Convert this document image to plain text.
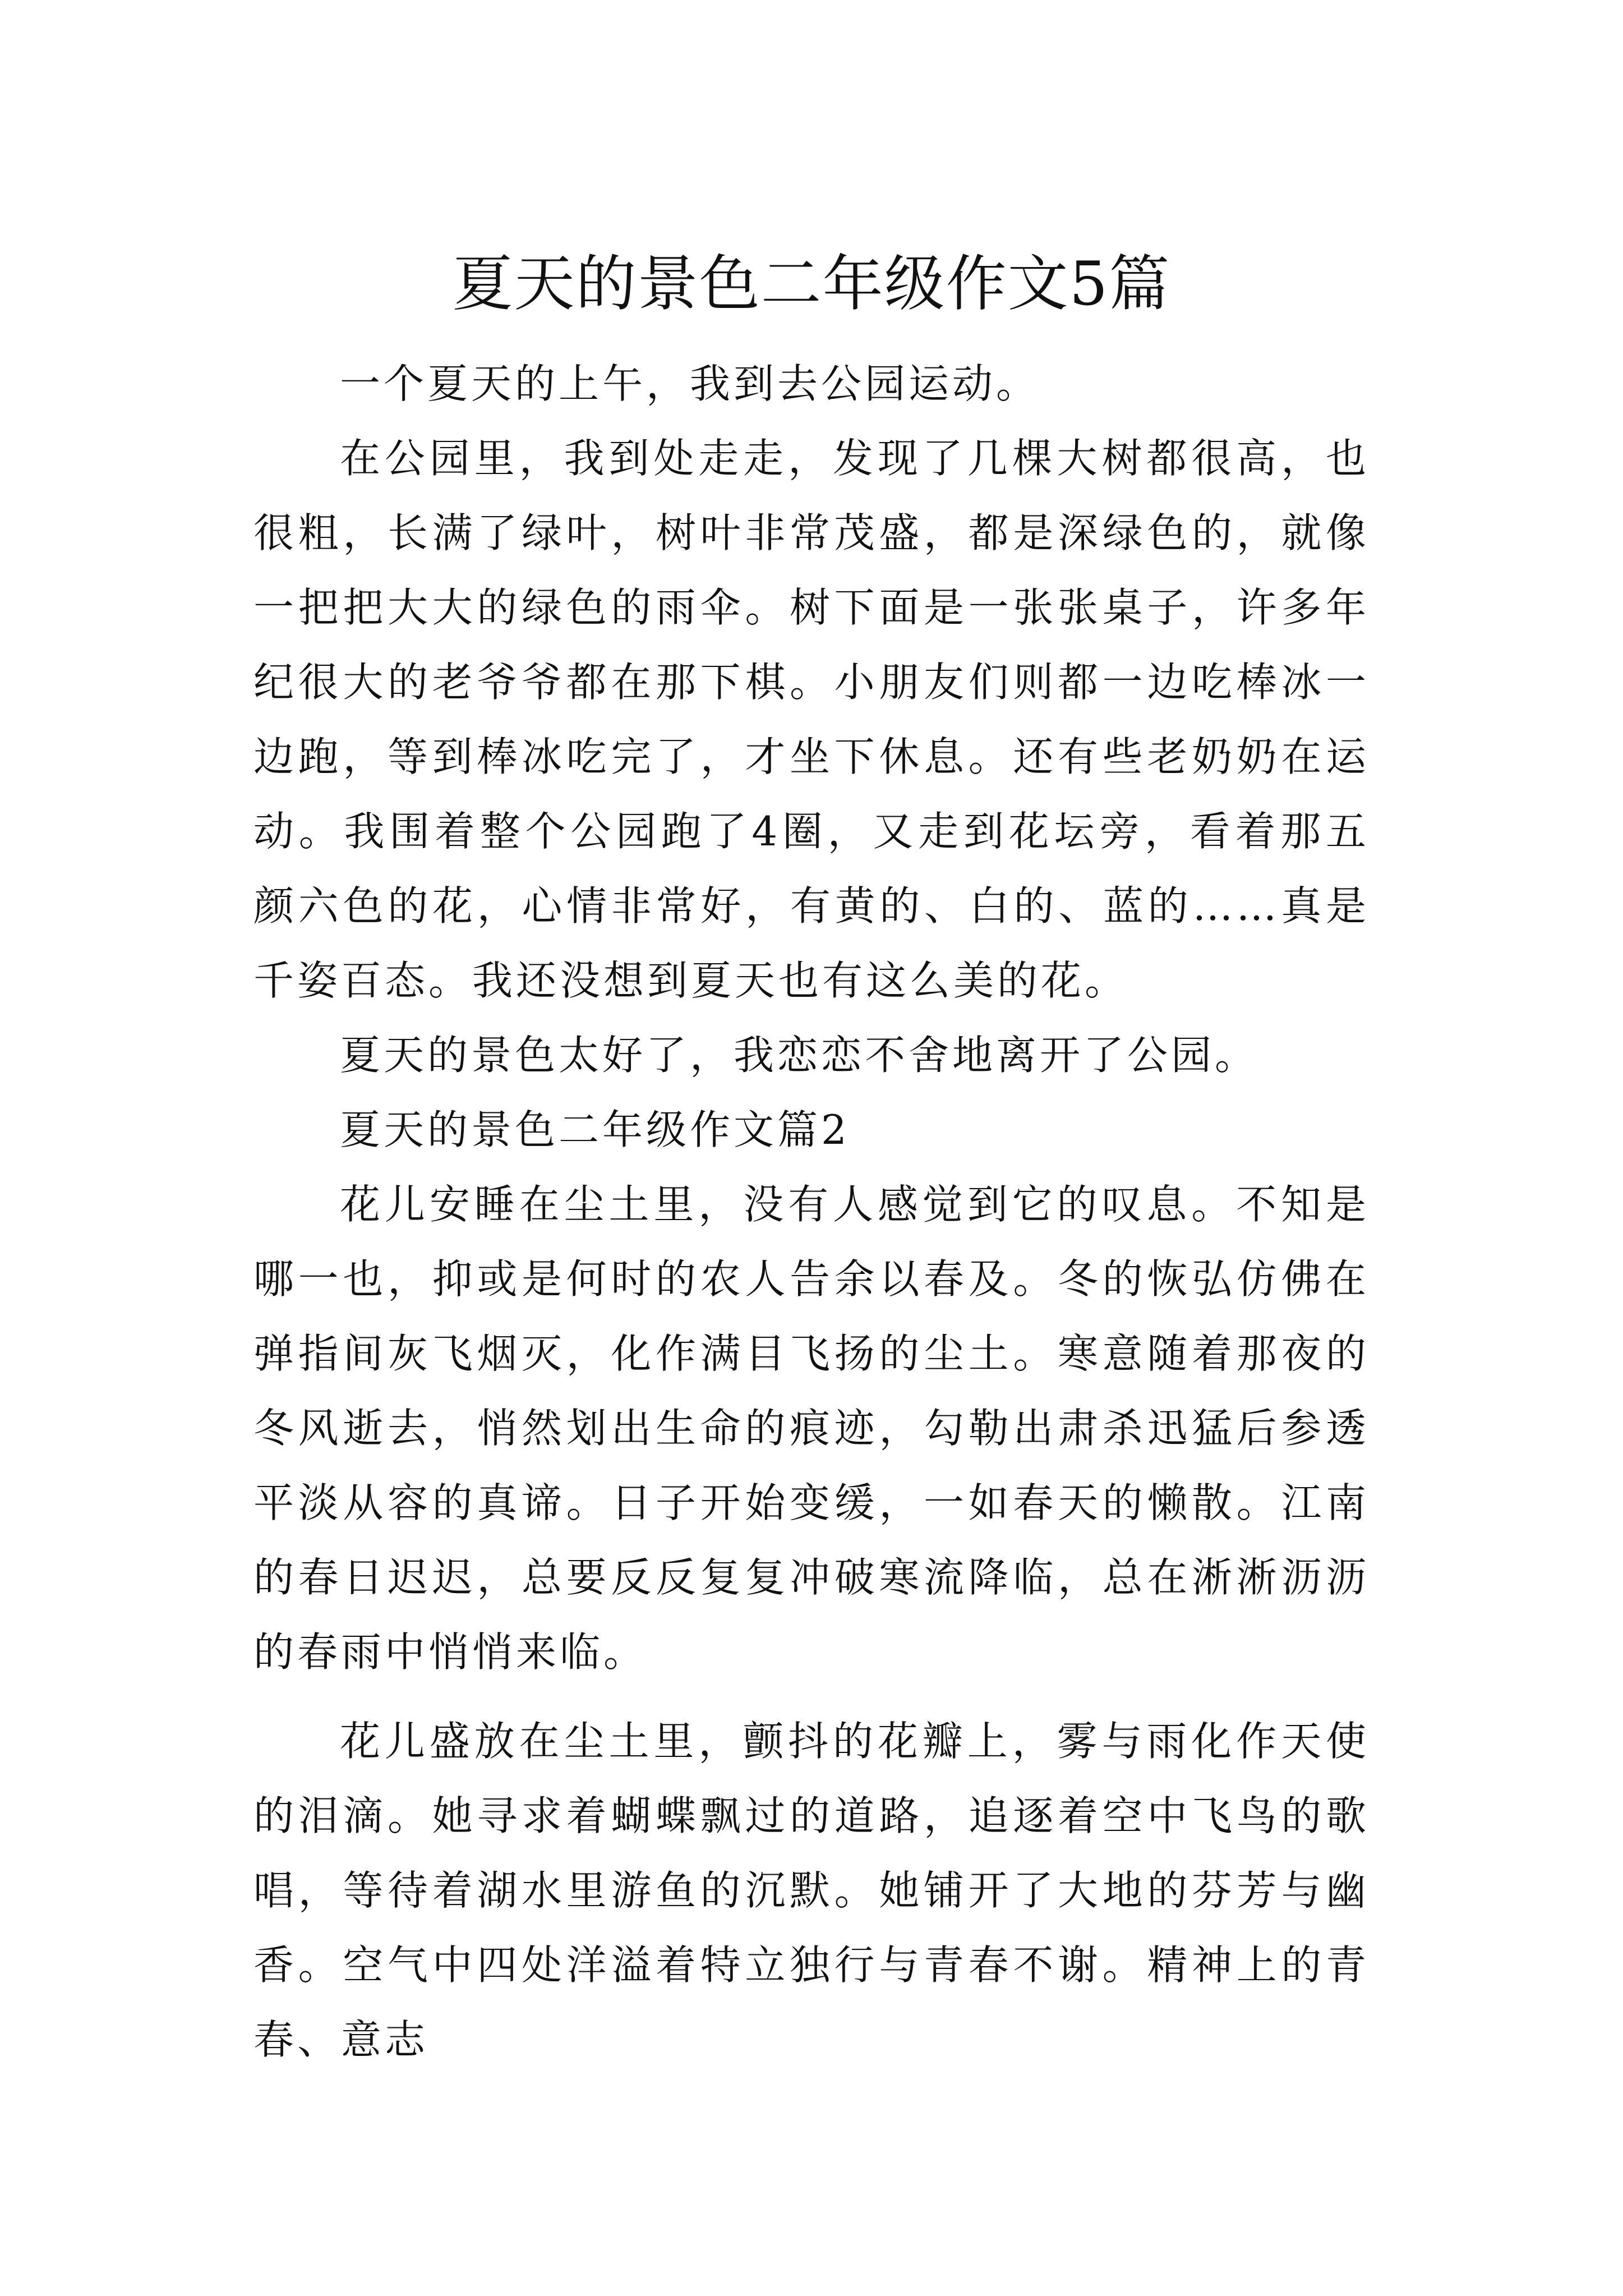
夏天的景色二年级作文5篇

一个夏天的上午，我到去公园运动。

在公园里，我到处走走，发现了几棵大树都很高，也很粗，长满了绿叶，树叶非常茂盛，都是深绿色的，就像一把把大大的绿色的雨伞。树下面是一张张桌子，许多年纪很大的老爷爷都在那下棋。小朋友们则都一边吃棒冰一边跑，等到棒冰吃完了，才坐下休息。还有些老奶奶在运动。我围着整个公园跑了4圈，又走到花坛旁，看着那五颜六色的花，心情非常好，有黄的、白的、蓝的……真是千姿百态。我还没想到夏天也有这么美的花。

夏天的景色太好了，我恋恋不舍地离开了公园。

夏天的景色二年级作文篇2

花儿安睡在尘土里，没有人感觉到它的叹息。不知是哪一也，抑或是何时的农人告余以春及。冬的恢弘仿佛在弹指间灰飞烟灭，化作满目飞扬的尘土。寒意随着那夜的冬风逝去，悄然划出生命的痕迹，勾勒出肃杀迅猛后参透平淡从容的真谛。日子开始变缓，一如春天的懒散。江南的春日迟迟，总要反反复复冲破寒流降临，总在淅淅沥沥的春雨中悄悄来临。

花儿盛放在尘土里，颤抖的花瓣上，雾与雨化作天使的泪滴。她寻求着蝴蝶飘过的道路，追逐着空中飞鸟的歌唱，等待着湖水里游鱼的沉默。她铺开了大地的芬芳与幽香。空气中四处洋溢着特立独行与青春不谢。精神上的青春、意志
